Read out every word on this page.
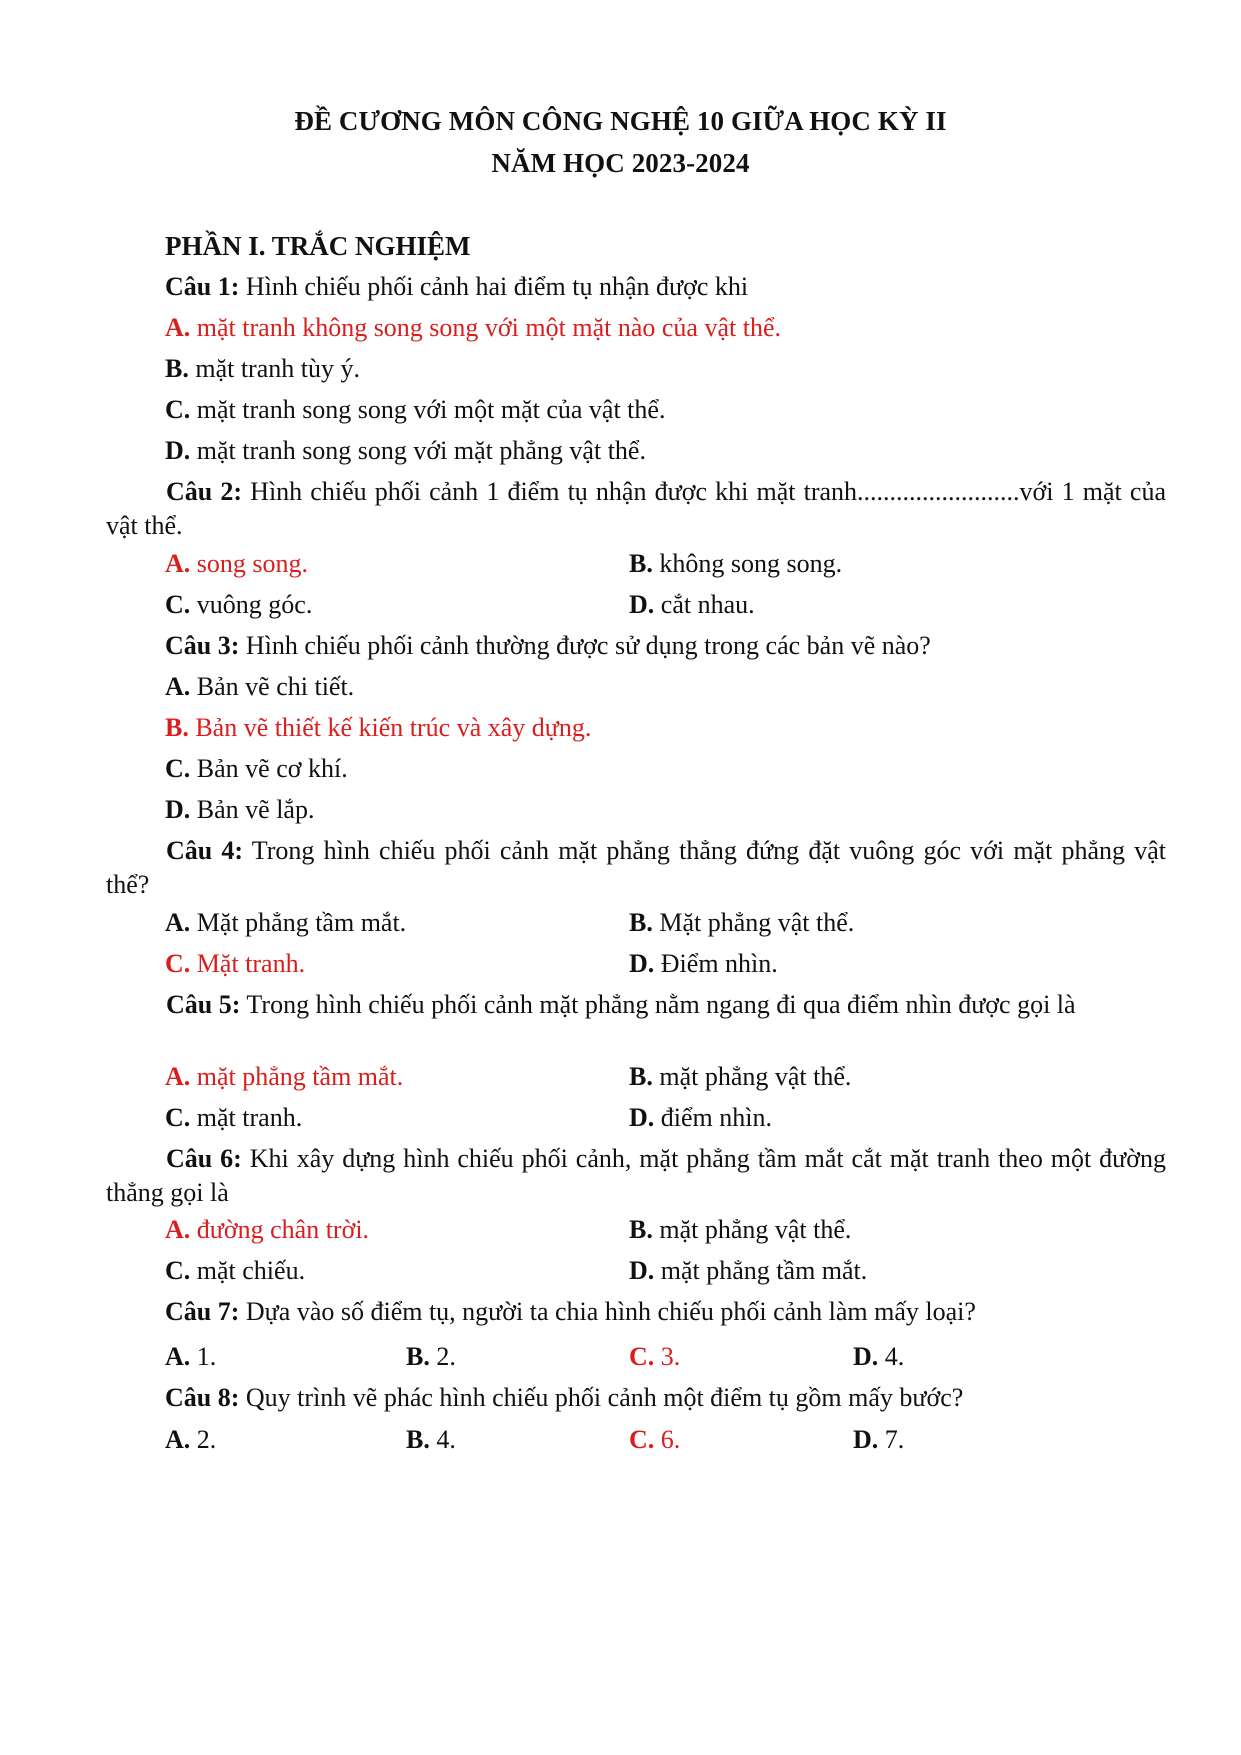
ĐỀ CƯƠNG MÔN CÔNG NGHỆ 10 GIỮA HỌC KỲ II
NĂM HỌC 2023-2024
PHẦN I. TRẮC NGHIỆM
Câu 1: Hình chiếu phối cảnh hai điểm tụ nhận được khi
A. mặt tranh không song song với một mặt nào của vật thể.
B. mặt tranh tùy ý.
C. mặt tranh song song với một mặt của vật thể.
D. mặt tranh song song với mặt phẳng vật thể.
Câu 2: Hình chiếu phối cảnh 1 điểm tụ nhận được khi mặt tranh.........................với 1 mặt của vật thể.
A. song song.	B. không song song.
C. vuông góc.	D. cắt nhau.
Câu 3: Hình chiếu phối cảnh thường được sử dụng trong các bản vẽ nào?
A. Bản vẽ chi tiết.
B. Bản vẽ thiết kế kiến trúc và xây dựng.
C. Bản vẽ cơ khí.
D. Bản vẽ lắp.
Câu 4: Trong hình chiếu phối cảnh mặt phẳng thẳng đứng đặt vuông góc với mặt phẳng vật thể?
A. Mặt phẳng tầm mắt.	B. Mặt phẳng vật thể.
C. Mặt tranh.	D. Điểm nhìn.
Câu 5: Trong hình chiếu phối cảnh mặt phẳng nằm ngang đi qua điểm nhìn được gọi là
A. mặt phẳng tầm mắt.	B. mặt phẳng vật thể.
C. mặt tranh.	D. điểm nhìn.
Câu 6: Khi xây dựng hình chiếu phối cảnh, mặt phẳng tầm mắt cắt mặt tranh theo một đường thẳng gọi là
A. đường chân trời.	B. mặt phẳng vật thể.
C. mặt chiếu.	D. mặt phẳng tầm mắt.
Câu 7: Dựa vào số điểm tụ, người ta chia hình chiếu phối cảnh làm mấy loại?
A. 1.	B. 2.	C. 3.	D. 4.
Câu 8: Quy trình vẽ phác hình chiếu phối cảnh một điểm tụ gồm mấy bước?
A. 2.	B. 4.	C. 6.	D. 7.
